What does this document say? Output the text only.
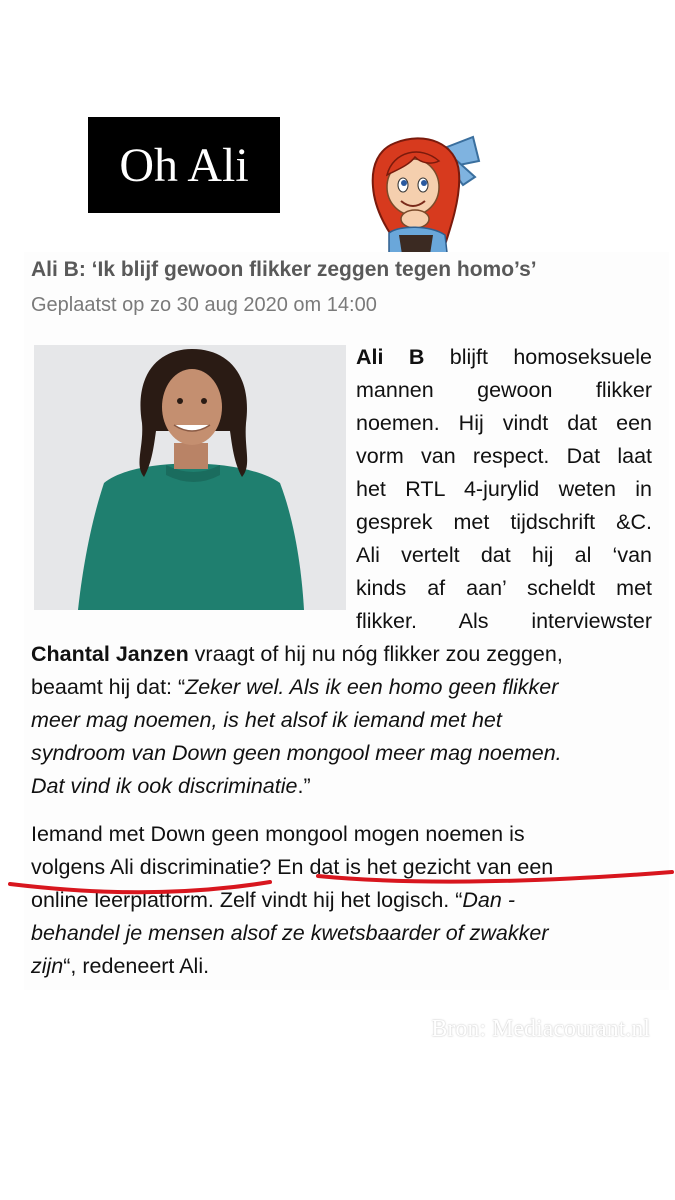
Oh Ali
Ali B: ‘Ik blijf gewoon flikker zeggen tegen homo’s’
Geplaatst op zo 30 aug 2020 om 14:00
Ali B blijft homoseksuele
mannen gewoon flikker
noemen. Hij vindt dat een
vorm van respect. Dat laat
het RTL 4-jurylid weten in
gesprek met tijdschrift &C.
Ali vertelt dat hij al ‘van
kinds af aan’ scheldt met
flikker. Als interviewster
Chantal Janzen vraagt of hij nu nóg flikker zou zeggen,
beaamt hij dat: “Zeker wel. Als ik een homo geen flikker
meer mag noemen, is het alsof ik iemand met het
syndroom van Down geen mongool meer mag noemen.
Dat vind ik ook discriminatie.”
Iemand met Down geen mongool mogen noemen is
volgens Ali discriminatie? En dat is het gezicht van een
online leerplatform. Zelf vindt hij het logisch. “Dan -
behandel je mensen alsof ze kwetsbaarder of zwakker
zijn“, redeneert Ali.
Bron: Mediacourant.nl
